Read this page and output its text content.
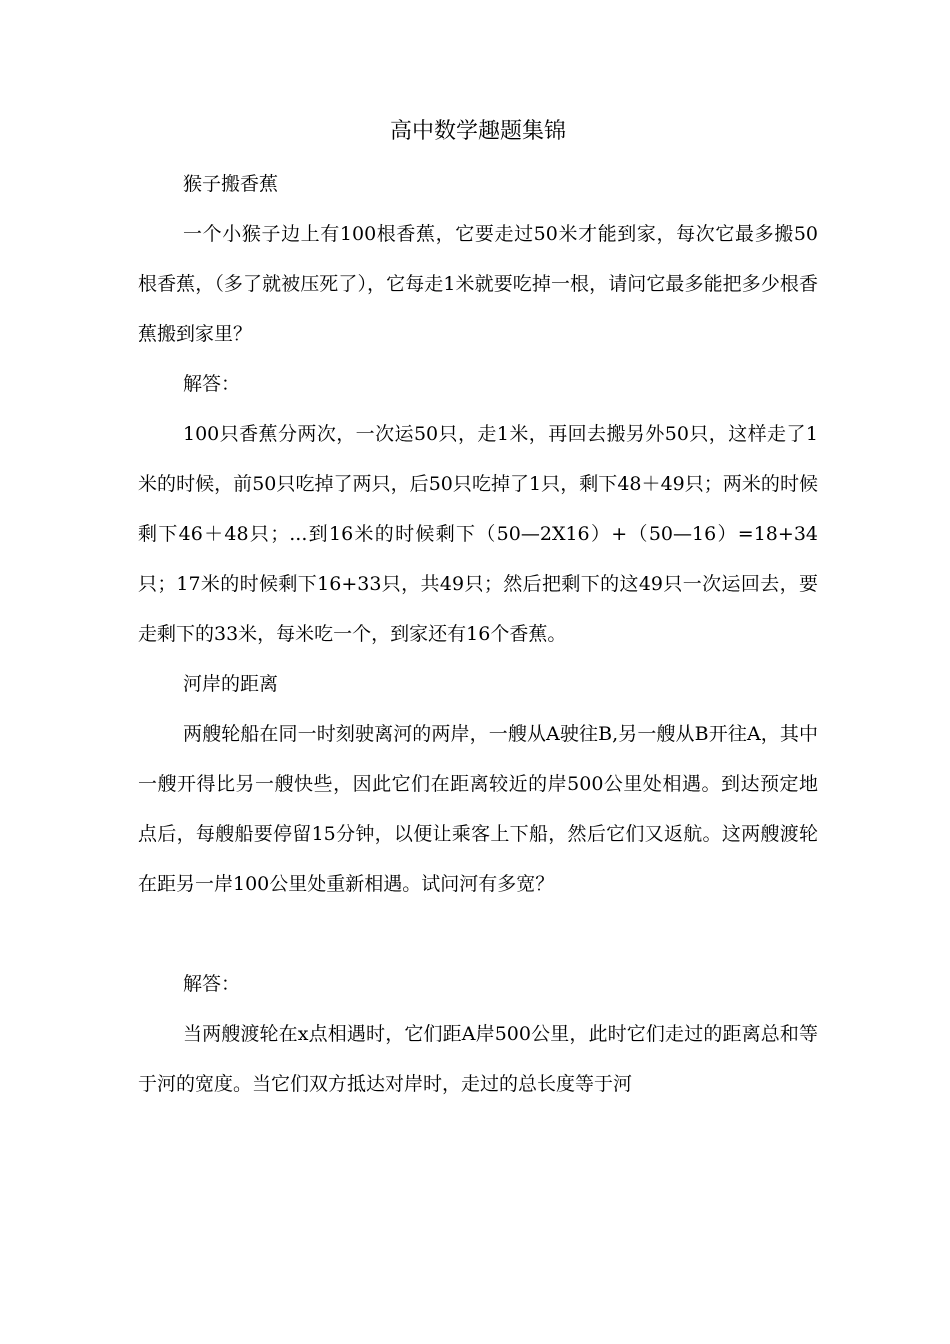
高中数学趣题集锦

猴子搬香蕉

一个小猴子边上有100根香蕉，它要走过50米才能到家，每次它最多搬50根香蕉，（多了就被压死了），它每走1米就要吃掉一根，请问它最多能把多少根香蕉搬到家里？

解答：

100只香蕉分两次，一次运50只，走1米，再回去搬另外50只，这样走了1米的时候，前50只吃掉了两只，后50只吃掉了1只，剩下48＋49只；两米的时候剩下46＋48只；...到16米的时候剩下（50—2X16）+（50—16）=18+34只；17米的时候剩下16+33只，共49只；然后把剩下的这49只一次运回去，要走剩下的33米，每米吃一个，到家还有16个香蕉。

河岸的距离

两艘轮船在同一时刻驶离河的两岸，一艘从A驶往B,另一艘从B开往A，其中一艘开得比另一艘快些，因此它们在距离较近的岸500公里处相遇。到达预定地点后，每艘船要停留15分钟，以便让乘客上下船，然后它们又返航。这两艘渡轮在距另一岸100公里处重新相遇。试问河有多宽？

解答：

当两艘渡轮在x点相遇时，它们距A岸500公里，此时它们走过的距离总和等于河的宽度。当它们双方抵达对岸时，走过的总长度等于河
